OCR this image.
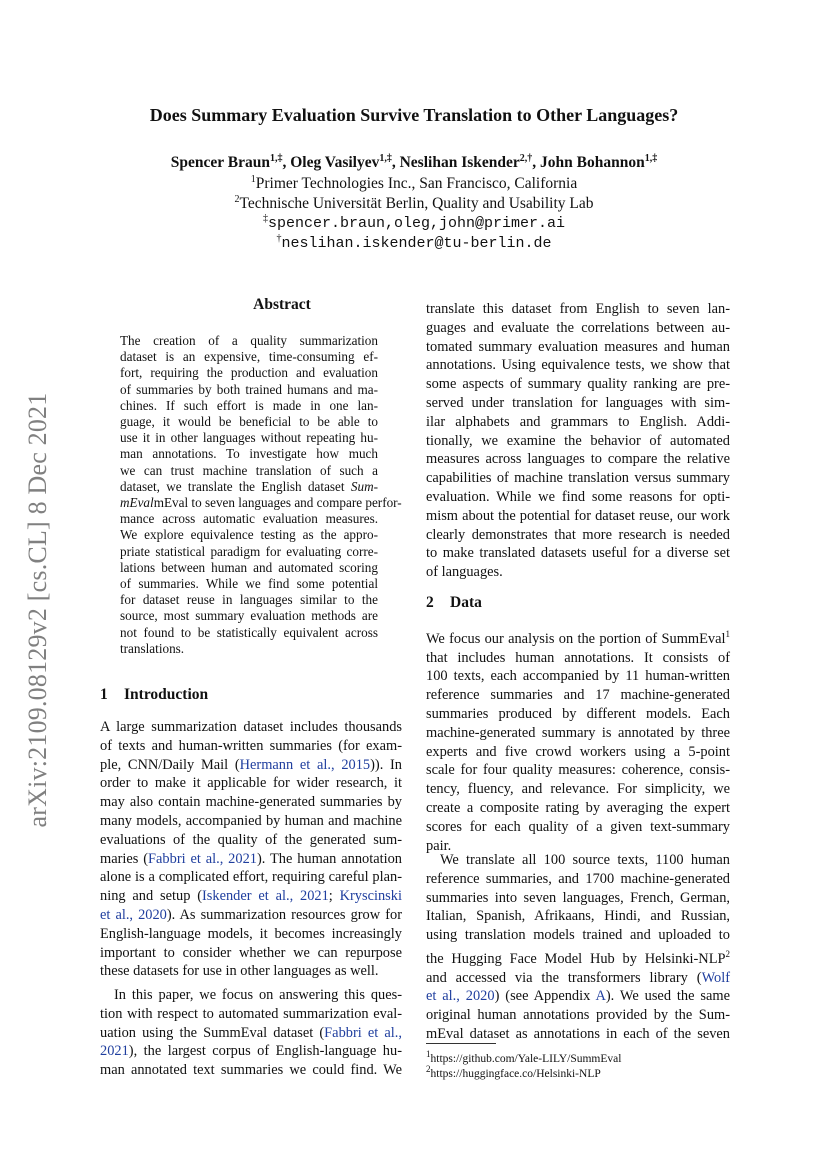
arXiv:2109.08129v2 [cs.CL] 8 Dec 2021
Does Summary Evaluation Survive Translation to Other Languages?
Spencer Braun$^{1,\ddagger}$, Oleg Vasilyev$^{1,\ddagger}$, Neslihan Iskender$^{2,\dagger}$, John Bohannon$^{1,\ddagger}$
$^1$Primer Technologies Inc., San Francisco, California
$^2$Technische Universität Berlin, Quality and Usability Lab
‡spencer.braun,oleg,john@primer.ai
†neslihan.iskender@tu-berlin.de
Abstract
The creation of a quality summarization
dataset is an expensive, time-consuming ef-
fort, requiring the production and evaluation
of summaries by both trained humans and ma-
chines. If such effort is made in one lan-
guage, it would be beneficial to be able to
use it in other languages without repeating hu-
man annotations. To investigate how much
we can trust machine translation of such a
dataset, we translate the English dataset Sum-
mEvalmEval to seven languages and compare perfor-
mance across automatic evaluation measures.
We explore equivalence testing as the appro-
priate statistical paradigm for evaluating corre-
lations between human and automated scoring
of summaries. While we find some potential
for dataset reuse in languages similar to the
source, most summary evaluation methods are
not found to be statistically equivalent across
translations.
1 Introduction
A large summarization dataset includes thousands
of texts and human-written summaries (for exam-
ple, CNN/Daily Mail (Hermann et al., 2015)). In
order to make it applicable for wider research, it
may also contain machine-generated summaries by
many models, accompanied by human and machine
evaluations of the quality of the generated sum-
maries (Fabbri et al., 2021). The human annotation
alone is a complicated effort, requiring careful plan-
ning and setup (Iskender et al., 2021; Kryscinski
et al., 2020). As summarization resources grow for
English-language models, it becomes increasingly
important to consider whether we can repurpose
these datasets for use in other languages as well.
In this paper, we focus on answering this ques-
tion with respect to automated summarization eval-
uation using the SummEval dataset (Fabbri et al.,
2021), the largest corpus of English-language hu-
man annotated text summaries we could find. We
translate this dataset from English to seven lan-
guages and evaluate the correlations between au-
tomated summary evaluation measures and human
annotations. Using equivalence tests, we show that
some aspects of summary quality ranking are pre-
served under translation for languages with sim-
ilar alphabets and grammars to English. Addi-
tionally, we examine the behavior of automated
measures across languages to compare the relative
capabilities of machine translation versus summary
evaluation. While we find some reasons for opti-
mism about the potential for dataset reuse, our work
clearly demonstrates that more research is needed
to make translated datasets useful for a diverse set
of languages.
2 Data
We focus our analysis on the portion of SummEval$^1$
that includes human annotations. It consists of
100 texts, each accompanied by 11 human-written
reference summaries and 17 machine-generated
summaries produced by different models. Each
machine-generated summary is annotated by three
experts and five crowd workers using a 5-point
scale for four quality measures: coherence, consis-
tency, fluency, and relevance. For simplicity, we
create a composite rating by averaging the expert
scores for each quality of a given text-summary
pair.
We translate all 100 source texts, 1100 human
reference summaries, and 1700 machine-generated
summaries into seven languages, French, German,
Italian, Spanish, Afrikaans, Hindi, and Russian,
using translation models trained and uploaded to
the Hugging Face Model Hub by Helsinki-NLP$^2$
and accessed via the transformers library (Wolf
et al., 2020) (see Appendix A). We used the same
original human annotations provided by the Sum-
mEval dataset as annotations in each of the seven
$^1$https://github.com/Yale-LILY/SummEval
$^2$https://huggingface.co/Helsinki-NLP
